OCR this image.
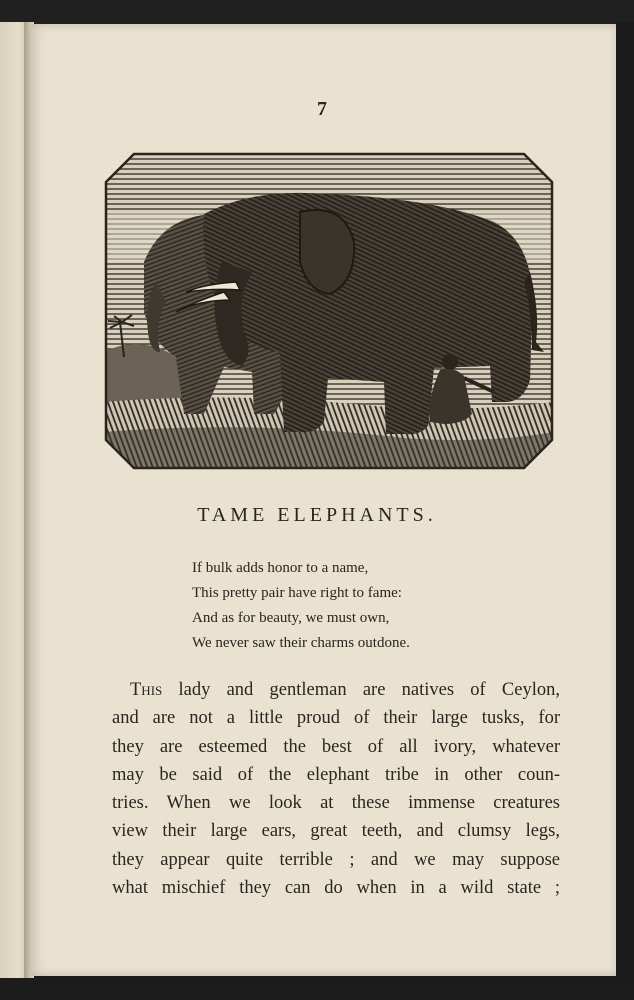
7
TAME ELEPHANTS.
If bulk adds honor to a name,
This pretty pair have right to fame:
And as for beauty, we must own,
We never saw their charms outdone.
This lady and gentleman are natives of Ceylon,
and are not a little proud of their large tusks, for
they are esteemed the best of all ivory, whatever
may be said of the elephant tribe in other coun-
tries. When we look at these immense creatures
view their large ears, great teeth, and clumsy legs,
they appear quite terrible ; and we may suppose
what mischief they can do when in a wild state ;
